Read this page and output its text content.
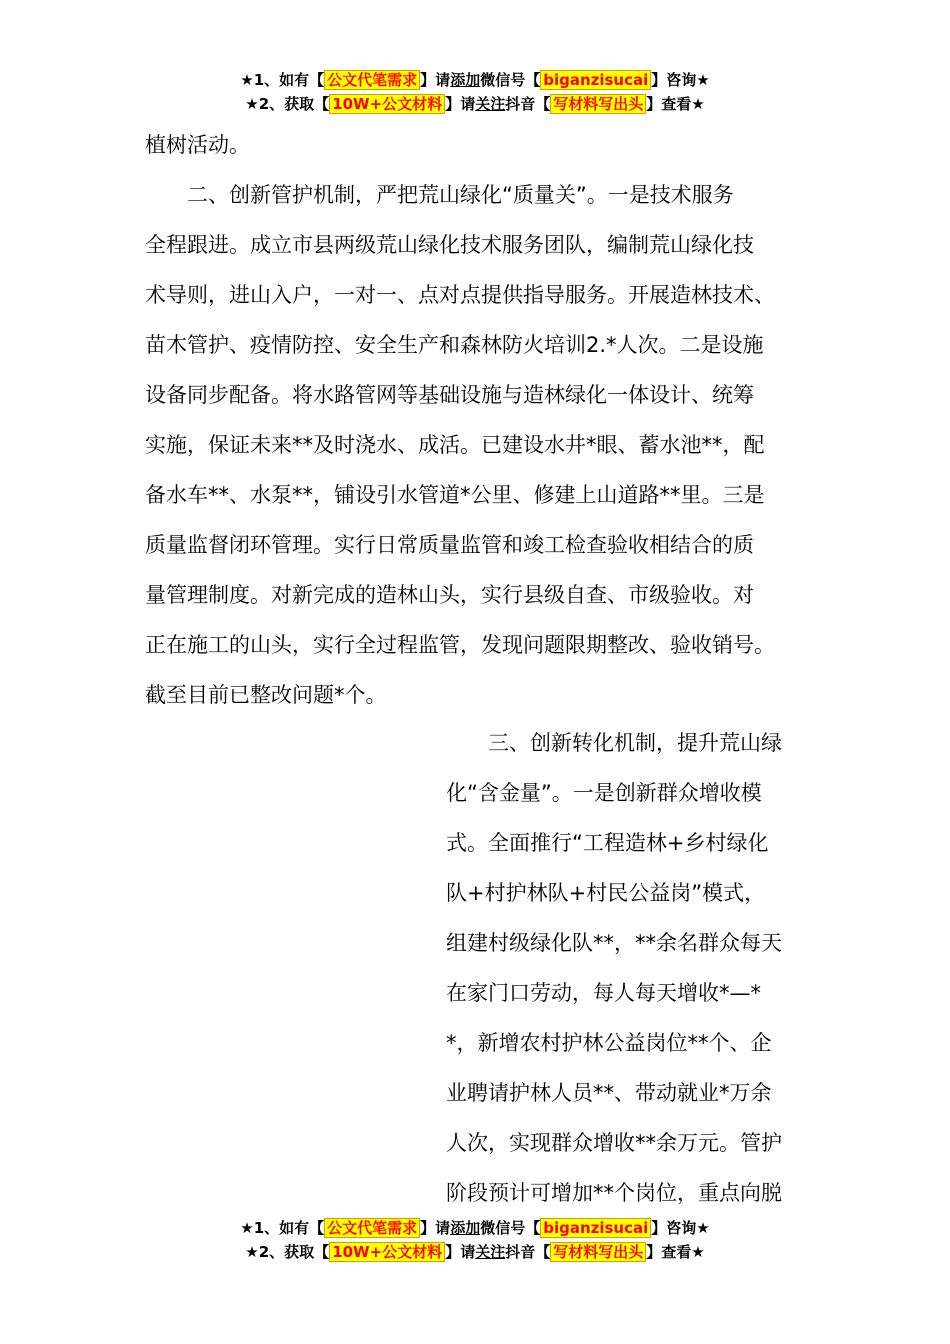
★1、如有【 公文代笔需求 】请添加微信号【 biganzisucai 】咨询★
★2、获取【 10W+公文材料 】请关注抖音【 写材料写出头 】查看★
植树活动。
　　二、创新管护机制，严把荒山绿化“质量关”。一是技术服务
全程跟进。成立市县两级荒山绿化技术服务团队，编制荒山绿化技
术导则，进山入户，一对一、点对点提供指导服务。开展造林技术、
苗木管护、疫情防控、安全生产和森林防火培训2.*人次。二是设施
设备同步配备。将水路管网等基础设施与造林绿化一体设计、统筹
实施，保证未来**及时浇水、成活。已建设水井*眼、蓄水池**，配
备水车**、水泵**，铺设引水管道*公里、修建上山道路**里。三是
质量监督闭环管理。实行日常质量监管和竣工检查验收相结合的质
量管理制度。对新完成的造林山头，实行县级自查、市级验收。对
正在施工的山头，实行全过程监管，发现问题限期整改、验收销号。
截至目前已整改问题*个。
　　三、创新转化机制，提升荒山绿
化“含金量”。一是创新群众增收模
式。全面推行“工程造林+乡村绿化
队+村护林队+村民公益岗”模式，
组建村级绿化队**，**余名群众每天
在家门口劳动，每人每天增收*—*
*，新增农村护林公益岗位**个、企
业聘请护林人员**、带动就业*万余
人次，实现群众增收**余万元。管护
阶段预计可增加**个岗位，重点向脱
★1、如有【 公文代笔需求 】请添加微信号【 biganzisucai 】咨询★
★2、获取【 10W+公文材料 】请关注抖音【 写材料写出头 】查看★
